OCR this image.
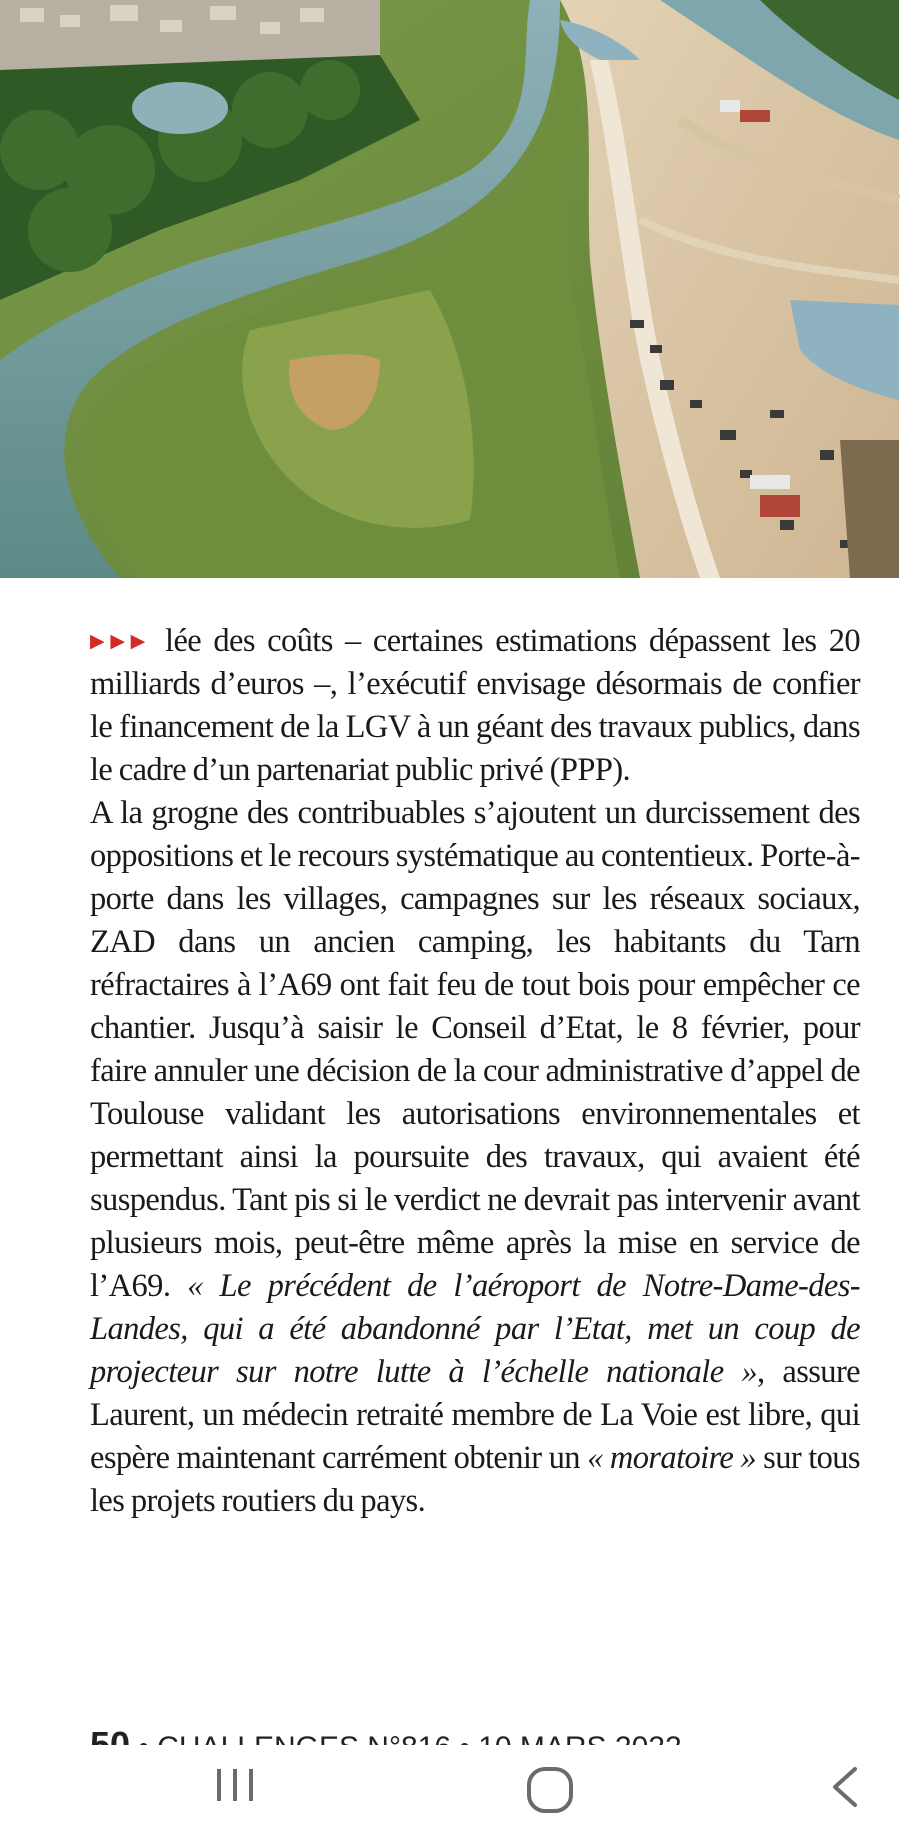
▶▶▶ lée des coûts – certaines estimations dépassent les 20 milliards d’euros –, l’exécutif envisage désormais de confier le financement de la LGV à un géant des travaux publics, dans le cadre d’un partenariat public privé (PPP).

A la grogne des contribuables s’ajoutent un durcissement des oppositions et le recours systématique au contentieux. Porte-à-porte dans les villages, campagnes sur les réseaux sociaux, ZAD dans un ancien camping, les habitants du Tarn réfractaires à l’A69 ont fait feu de tout bois pour empêcher ce chantier. Jusqu’à saisir le Conseil d’Etat, le 8 février, pour faire annuler une décision de la cour administrative d’appel de Toulouse validant les autorisations environnementales et permettant ainsi la poursuite des travaux, qui avaient été suspendus. Tant pis si le verdict ne devrait pas intervenir avant plusieurs mois, peut-être même après la mise en service de l’A69. « Le précédent de l’aéroport de Notre-Dame-des-Landes, qui a été abandonné par l’Etat, met un coup de projecteur sur notre lutte à l’échelle nationale », assure Laurent, un médecin retraité membre de La Voie est libre, qui espère maintenant carrément obtenir un « moratoire » sur tous les projets routiers du pays.
